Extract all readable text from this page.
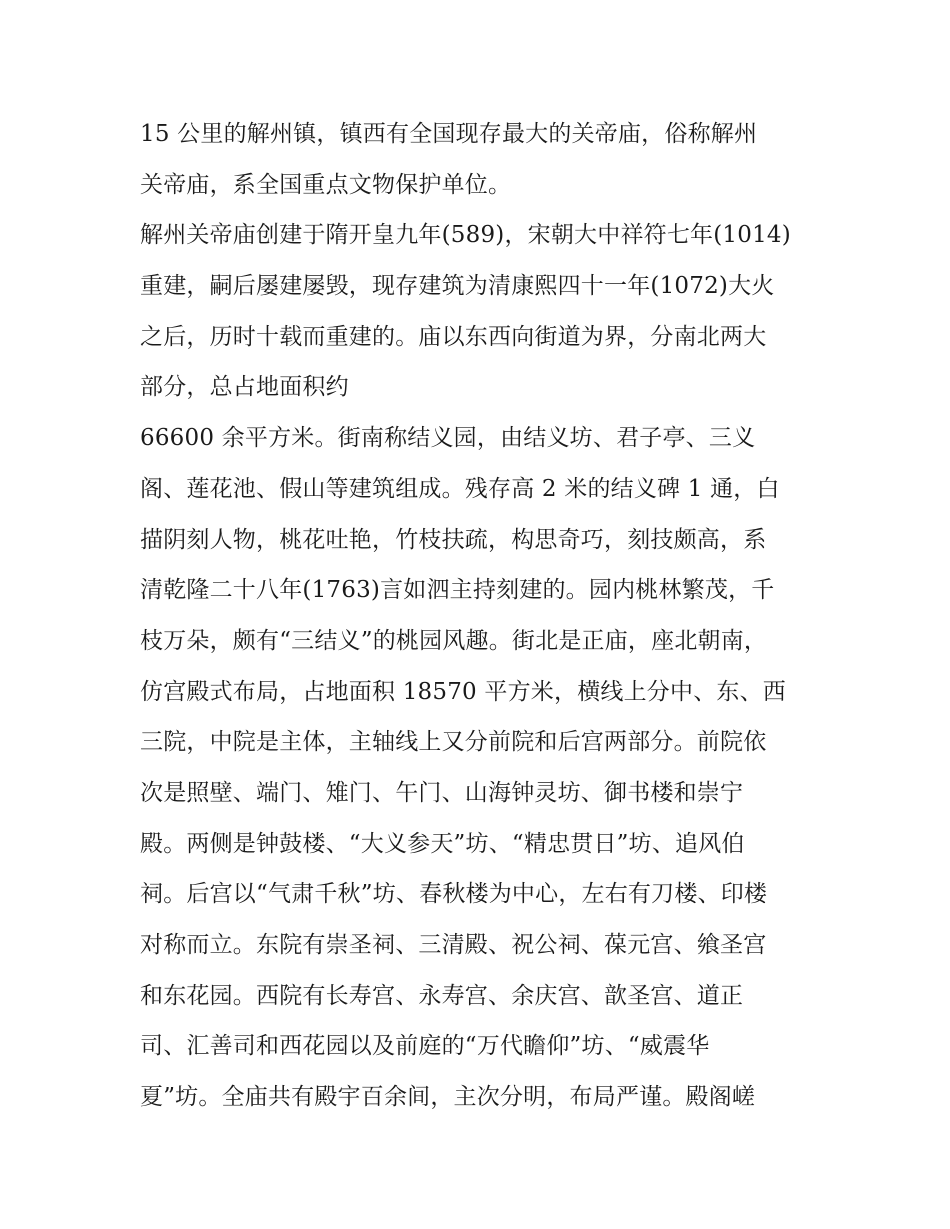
15 公里的解州镇，镇西有全国现存最大的关帝庙，俗称解州
关帝庙，系全国重点文物保护单位。
解州关帝庙创建于隋开皇九年(589)，宋朝大中祥符七年(1014)
重建，嗣后屡建屡毁，现存建筑为清康熙四十一年(1072)大火
之后，历时十载而重建的。庙以东西向街道为界，分南北两大
部分，总占地面积约
66600 余平方米。街南称结义园，由结义坊、君子亭、三义
阁、莲花池、假山等建筑组成。残存高 2 米的结义碑 1 通，白
描阴刻人物，桃花吐艳，竹枝扶疏，构思奇巧，刻技颇高，系
清乾隆二十八年(1763)言如泗主持刻建的。园内桃林繁茂，千
枝万朵，颇有“三结义”的桃园风趣。街北是正庙，座北朝南，
仿宫殿式布局，占地面积 18570 平方米，横线上分中、东、西
三院，中院是主体，主轴线上又分前院和后宫两部分。前院依
次是照壁、端门、雉门、午门、山海钟灵坊、御书楼和崇宁
殿。两侧是钟鼓楼、“大义参天”坊、“精忠贯日”坊、追风伯
祠。后宫以“气肃千秋”坊、春秋楼为中心，左右有刀楼、印楼
对称而立。东院有崇圣祠、三清殿、祝公祠、葆元宫、飨圣宫
和东花园。西院有长寿宫、永寿宫、余庆宫、歆圣宫、道正
司、汇善司和西花园以及前庭的“万代瞻仰”坊、“威震华
夏”坊。全庙共有殿宇百余间，主次分明，布局严谨。殿阁嵯
